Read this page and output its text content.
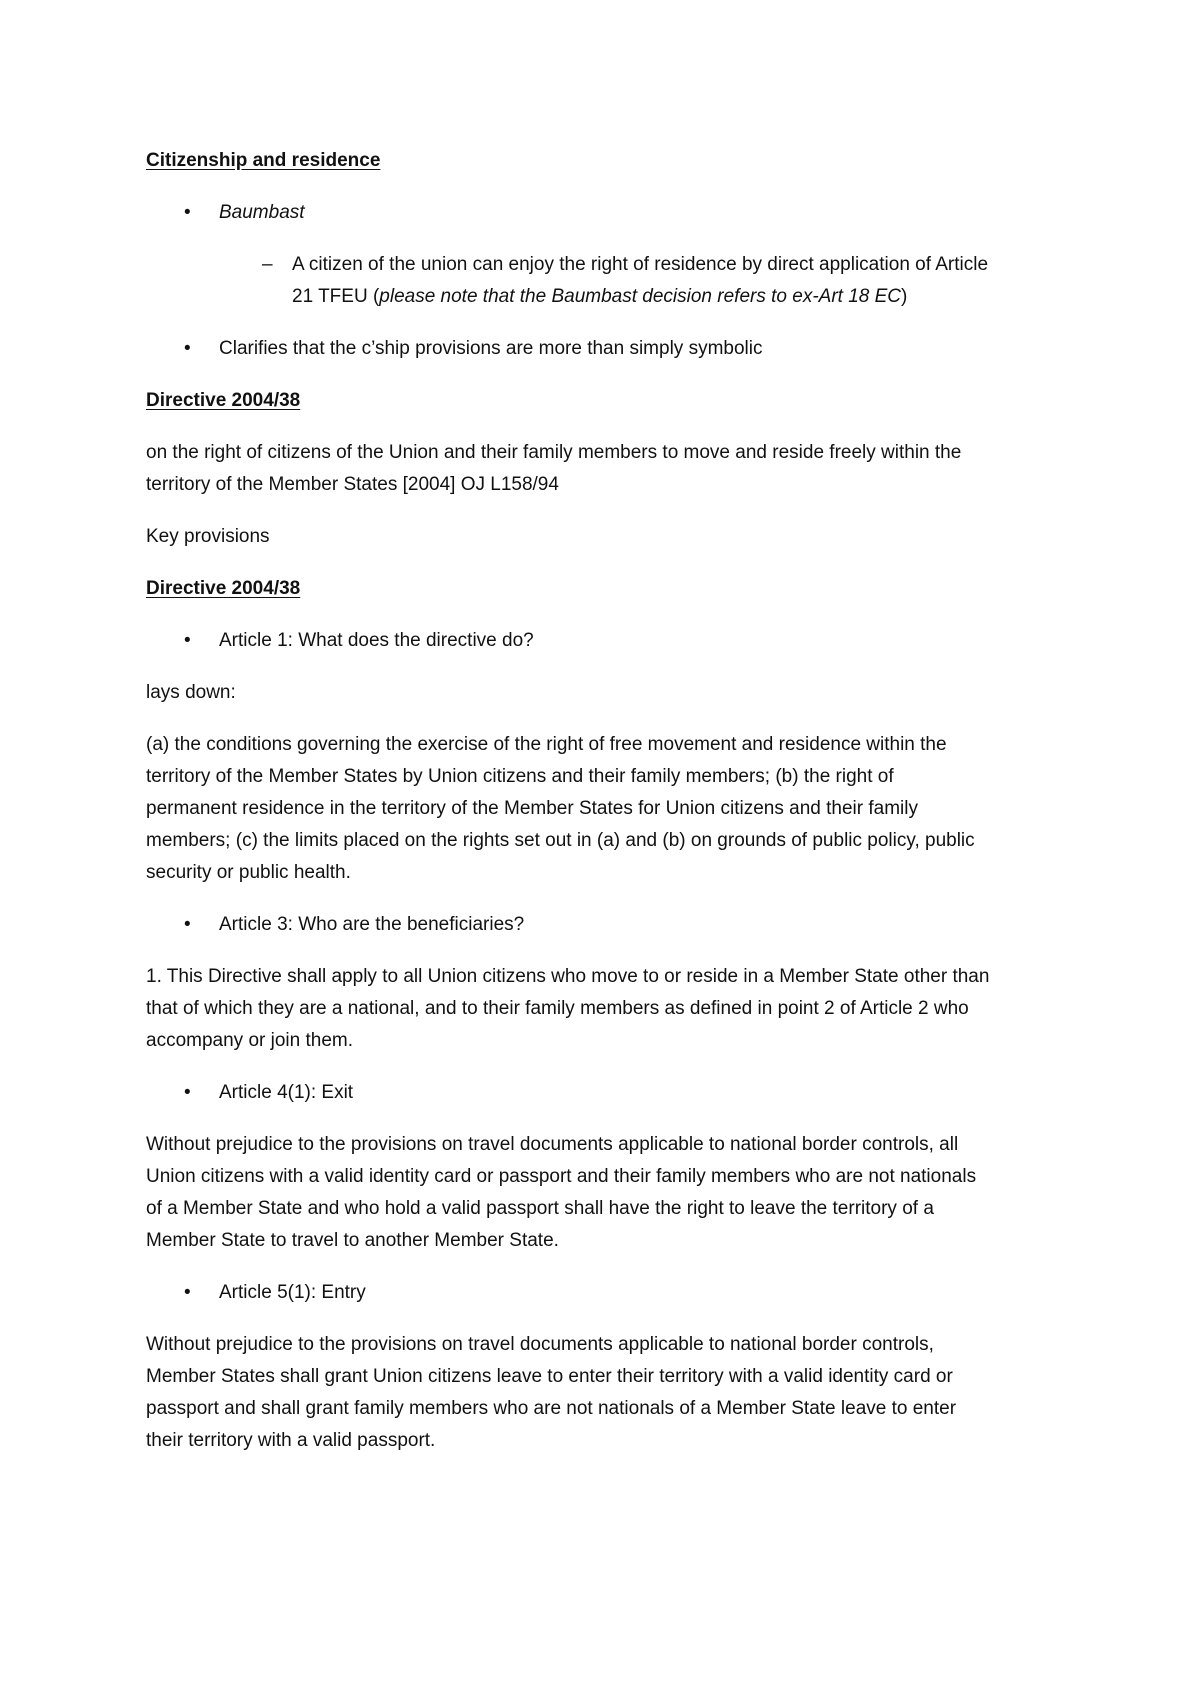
Citizenship and residence

• Baumbast

– A citizen of the union can enjoy the right of residence by direct application of Article

21 TFEU (please note that the Baumbast decision refers to ex-Art 18 EC)

• Clarifies that the c’ship provisions are more than simply symbolic

Directive 2004/38

on the right of citizens of the Union and their family members to move and reside freely within the

territory of the Member States [2004] OJ L158/94

Key provisions

Directive 2004/38

• Article 1: What does the directive do?

lays down:

(a) the conditions governing the exercise of the right of free movement and residence within the

territory of the Member States by Union citizens and their family members; (b) the right of

permanent residence in the territory of the Member States for Union citizens and their family

members; (c) the limits placed on the rights set out in (a) and (b) on grounds of public policy, public

security or public health.

• Article 3: Who are the beneficiaries?

1. This Directive shall apply to all Union citizens who move to or reside in a Member State other than

that of which they are a national, and to their family members as defined in point 2 of Article 2 who

accompany or join them.

• Article 4(1): Exit

Without prejudice to the provisions on travel documents applicable to national border controls, all

Union citizens with a valid identity card or passport and their family members who are not nationals

of a Member State and who hold a valid passport shall have the right to leave the territory of a

Member State to travel to another Member State.

• Article 5(1): Entry

Without prejudice to the provisions on travel documents applicable to national border controls,

Member States shall grant Union citizens leave to enter their territory with a valid identity card or

passport and shall grant family members who are not nationals of a Member State leave to enter

their territory with a valid passport.
